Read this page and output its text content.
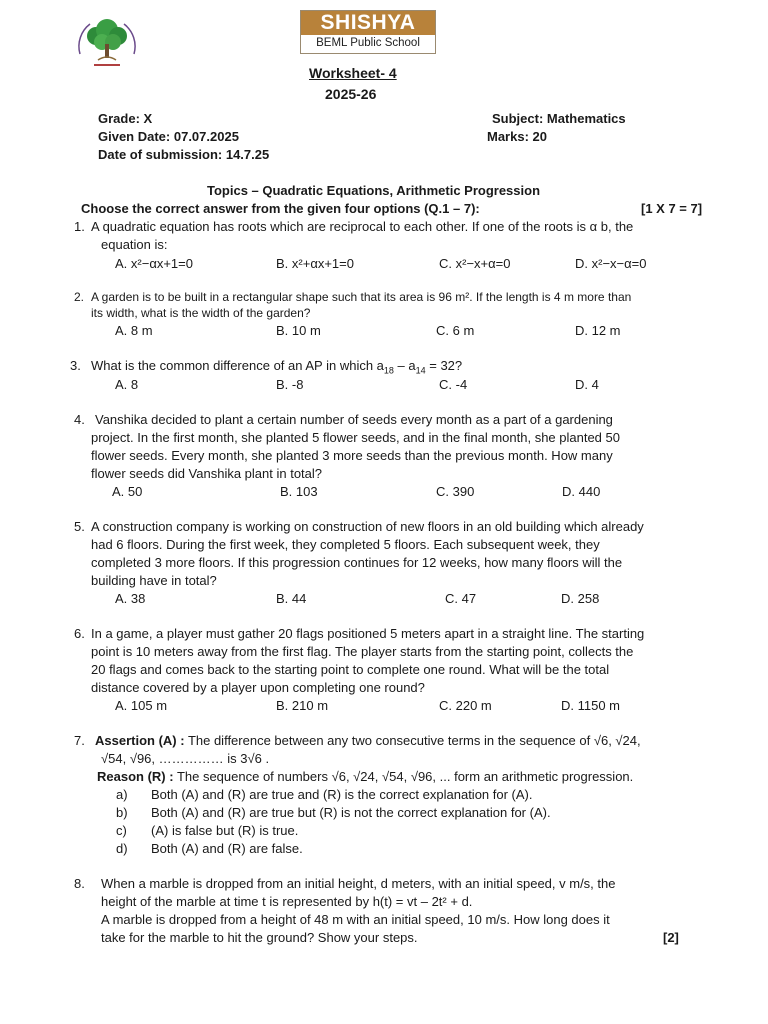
SHISHYA
BEML Public School
Worksheet- 4
2025-26
Grade: X
Given Date: 07.07.2025
Date of submission: 14.7.25
Subject: Mathematics
Marks: 20
Topics – Quadratic Equations, Arithmetic Progression
Choose the correct answer from the given four options (Q.1 – 7):	[1 X 7 = 7]
1. A quadratic equation has roots which are reciprocal to each other. If one of the roots is α b, the
equation is:
A. x²−αx+1=0	B. x²+αx+1=0	C. x²−x+α=0	D. x²−x−α=0
2. A garden is to be built in a rectangular shape such that its area is 96 m². If the length is 4 m more than
its width, what is the width of the garden?
A. 8 m	B. 10 m	C. 6 m	D. 12 m
3. What is the common difference of an AP in which $a_{18} - a_{14} = 32$?
A. 8	B. -8	C. -4	D. 4
4. Vanshika decided to plant a certain number of seeds every month as a part of a gardening
project. In the first month, she planted 5 flower seeds, and in the final month, she planted 50
flower seeds. Every month, she planted 3 more seeds than the previous month. How many
flower seeds did Vanshika plant in total?
A. 50	B. 103	C. 390	D. 440
5. A construction company is working on construction of new floors in an old building which already
had 6 floors. During the first week, they completed 5 floors. Each subsequent week, they
completed 3 more floors. If this progression continues for 12 weeks, how many floors will the
building have in total?
A. 38	B. 44	C. 47	D. 258
6. In a game, a player must gather 20 flags positioned 5 meters apart in a straight line. The starting
point is 10 meters away from the first flag. The player starts from the starting point, collects the
20 flags and comes back to the starting point to complete one round. What will be the total
distance covered by a player upon completing one round?
A. 105 m	B. 210 m	C. 220 m	D. 1150 m
7. Assertion (A) : The difference between any two consecutive terms in the sequence of √6, √24,
√54, √96, …………… is 3√6 .
Reason (R) : The sequence of numbers √6, √24, √54, √96, ... form an arithmetic progression.
a) Both (A) and (R) are true and (R) is the correct explanation for (A).
b) Both (A) and (R) are true but (R) is not the correct explanation for (A).
c) (A) is false but (R) is true.
d) Both (A) and (R) are false.
8. When a marble is dropped from an initial height, d meters, with an initial speed, v m/s, the
height of the marble at time t is represented by h(t) = vt – 2t² + d.
A marble is dropped from a height of 48 m with an initial speed, 10 m/s. How long does it
take for the marble to hit the ground? Show your steps.	[2]
